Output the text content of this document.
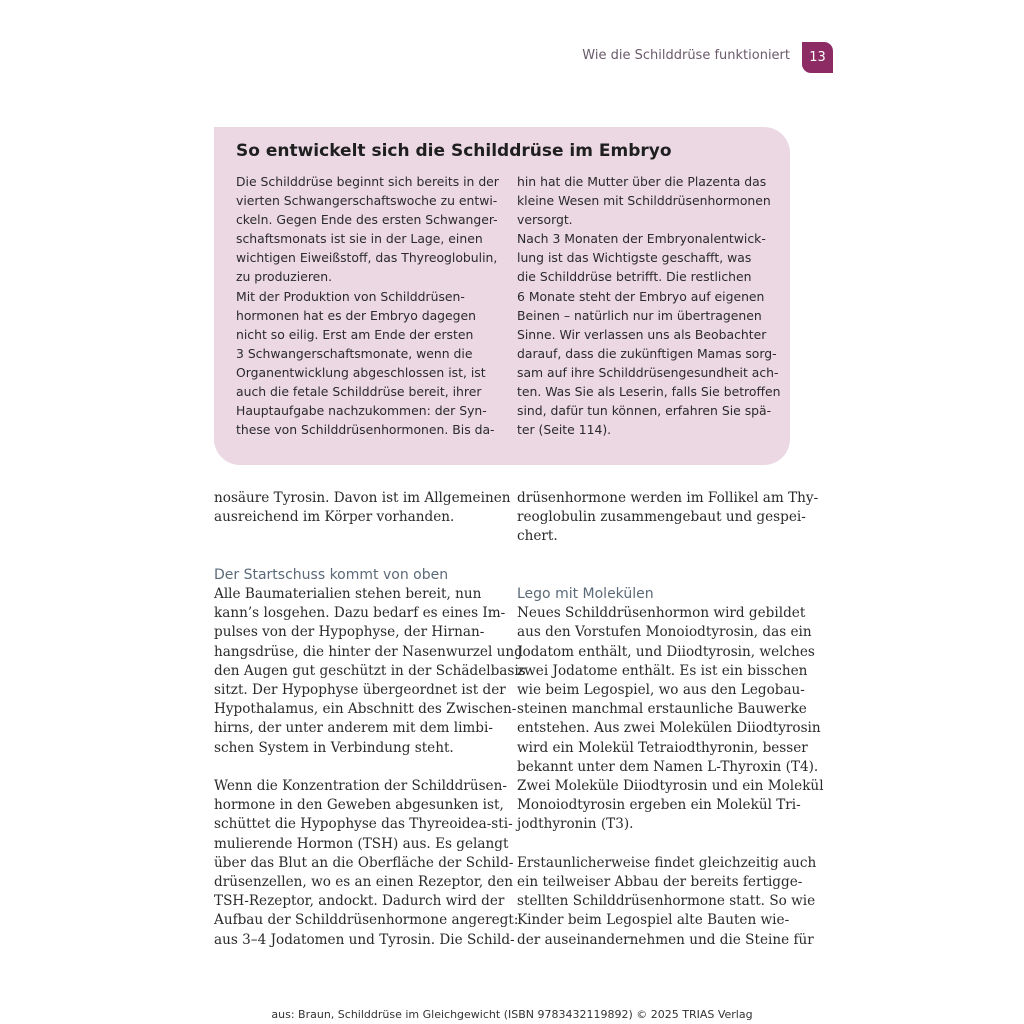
Wie die Schilddrüse funktioniert	13
So entwickelt sich die Schilddrüse im Embryo
Die Schilddrüse beginnt sich bereits in der
vierten Schwangerschaftswoche zu entwi-
ckeln. Gegen Ende des ersten Schwanger-
schaftsmonats ist sie in der Lage, einen
wichtigen Eiweißstoff, das Thyreoglobulin,
zu produzieren.
Mit der Produktion von Schilddrüsen-
hormonen hat es der Embryo dagegen
nicht so eilig. Erst am Ende der ersten
3 Schwangerschaftsmonate, wenn die
Organentwicklung abgeschlossen ist, ist
auch die fetale Schilddrüse bereit, ihrer
Hauptaufgabe nachzukommen: der Syn-
these von Schilddrüsenhormonen. Bis da-
hin hat die Mutter über die Plazenta das
kleine Wesen mit Schilddrüsenhormonen
versorgt.
Nach 3 Monaten der Embryonalentwick-
lung ist das Wichtigste geschafft, was
die Schilddrüse betrifft. Die restlichen
6 Monate steht der Embryo auf eigenen
Beinen – natürlich nur im übertragenen
Sinne. Wir verlassen uns als Beobachter
darauf, dass die zukünftigen Mamas sorg-
sam auf ihre Schilddrüsengesundheit ach-
ten. Was Sie als Leserin, falls Sie betroffen
sind, dafür tun können, erfahren Sie spä-
ter (Seite 114).
nosäure Tyrosin. Davon ist im Allgemeinen
ausreichend im Körper vorhanden.
Der Startschuss kommt von oben
Alle Baumaterialien stehen bereit, nun
kann’s losgehen. Dazu bedarf es eines Im-
pulses von der Hypophyse, der Hirnan-
hangsdrüse, die hinter der Nasenwurzel und
den Augen gut geschützt in der Schädelbasis
sitzt. Der Hypophyse übergeordnet ist der
Hypothalamus, ein Abschnitt des Zwischen-
hirns, der unter anderem mit dem limbi-
schen System in Verbindung steht.
Wenn die Konzentration der Schilddrüsen-
hormone in den Geweben abgesunken ist,
schüttet die Hypophyse das Thyreoidea-sti-
mulierende Hormon (TSH) aus. Es gelangt
über das Blut an die Oberfläche der Schild-
drüsenzellen, wo es an einen Rezeptor, den
TSH-Rezeptor, andockt. Dadurch wird der
Aufbau der Schilddrüsenhormone angeregt:
aus 3–4 Jodatomen und Tyrosin. Die Schild-
drüsenhormone werden im Follikel am Thy-
reoglobulin zusammengebaut und gespei-
chert.
Lego mit Molekülen
Neues Schilddrüsenhormon wird gebildet
aus den Vorstufen Monoiodtyrosin, das ein
Jodatom enthält, und Diiodtyrosin, welches
zwei Jodatome enthält. Es ist ein bisschen
wie beim Legospiel, wo aus den Legobau-
steinen manchmal erstaunliche Bauwerke
entstehen. Aus zwei Molekülen Diiodtyrosin
wird ein Molekül Tetraiodthyronin, besser
bekannt unter dem Namen L-Thyroxin (T4).
Zwei Moleküle Diiodtyrosin und ein Molekül
Monoiodtyrosin ergeben ein Molekül Tri-
jodthyronin (T3).
Erstaunlicherweise findet gleichzeitig auch
ein teilweiser Abbau der bereits fertigge-
stellten Schilddrüsenhormone statt. So wie
Kinder beim Legospiel alte Bauten wie-
der auseinandernehmen und die Steine für
aus: Braun, Schilddrüse im Gleichgewicht (ISBN 9783432119892) © 2025 TRIAS Verlag
